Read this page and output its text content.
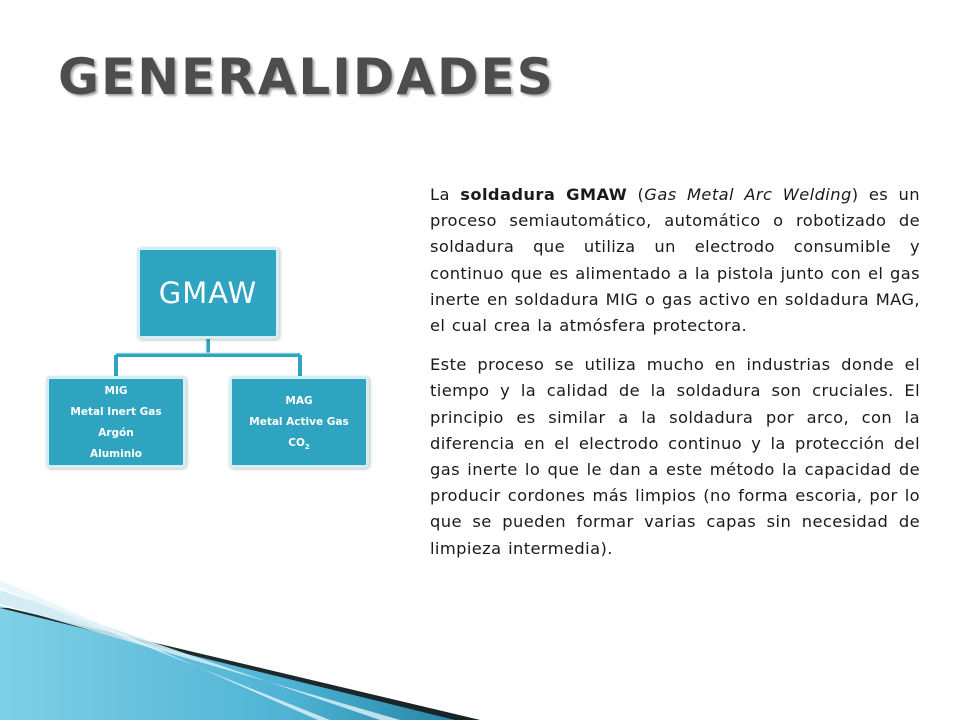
GENERALIDADES
GMAW
MIG
Metal Inert Gas
Argón
Aluminio
MAG
Metal Active Gas
$CO_2$

La soldadura GMAW (Gas Metal Arc Welding) es un proceso semiautomático, automático o robotizado de soldadura que utiliza un electrodo consumible y continuo que es alimentado a la pistola junto con el gas inerte en soldadura MIG o gas activo en soldadura MAG, el cual crea la atmósfera protectora.

Este proceso se utiliza mucho en industrias donde el tiempo y la calidad de la soldadura son cruciales. El principio es similar a la soldadura por arco, con la diferencia en el electrodo continuo y la protección del gas inerte lo que le dan a este método la capacidad de producir cordones más limpios (no forma escoria, por lo que se pueden formar varias capas sin necesidad de limpieza intermedia).
